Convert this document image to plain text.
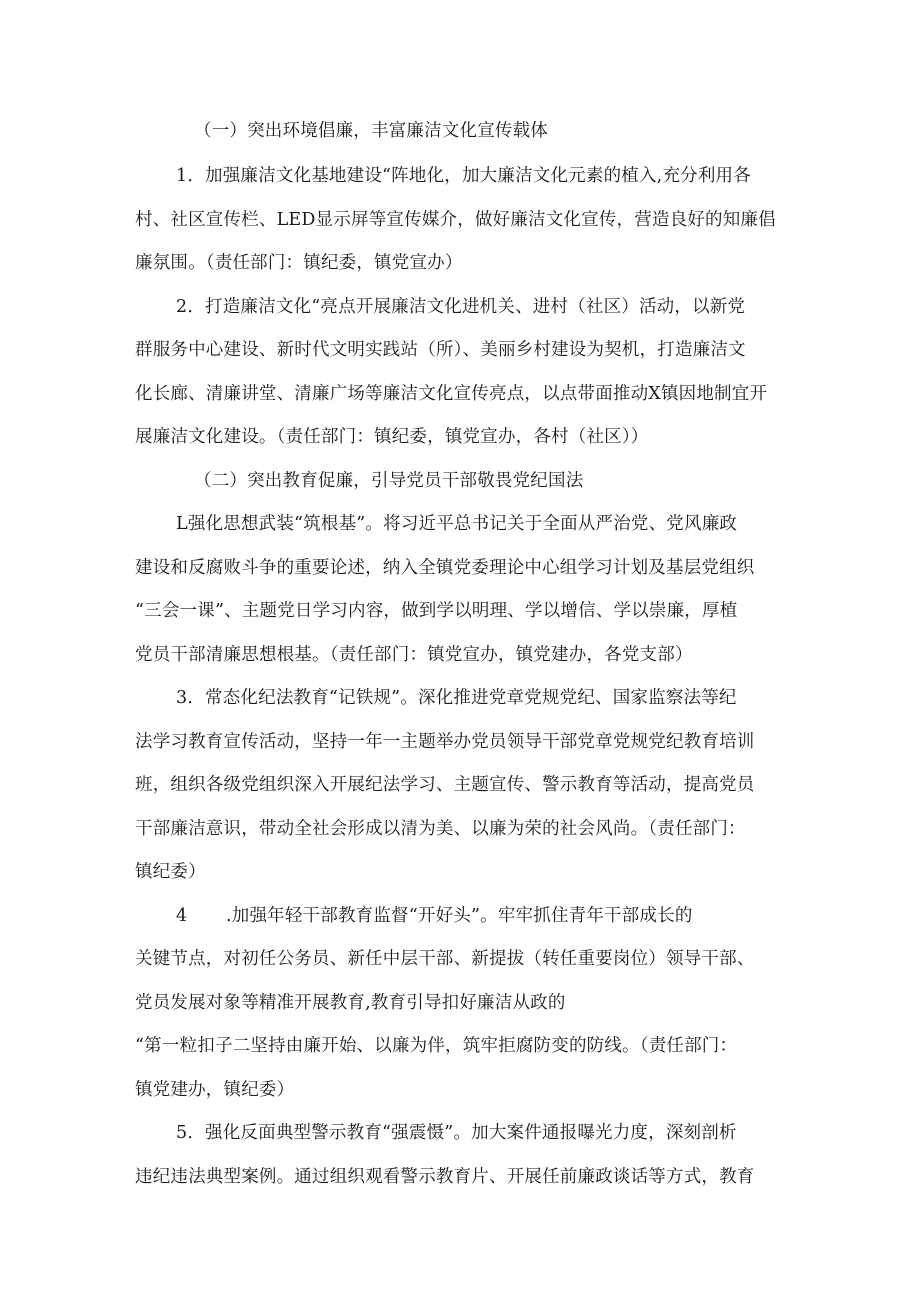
（一）突出环境倡廉，丰富廉洁文化宣传载体
1．加强廉洁文化基地建设“阵地化，加大廉洁文化元素的植入,充分利用各
村、社区宣传栏、LED显示屏等宣传媒介，做好廉洁文化宣传，营造良好的知廉倡
廉氛围。（责任部门：镇纪委，镇党宣办）
2．打造廉洁文化“亮点开展廉洁文化进机关、进村（社区）活动，以新党
群服务中心建设、新时代文明实践站（所）、美丽乡村建设为契机，打造廉洁文
化长廊、清廉讲堂、清廉广场等廉洁文化宣传亮点，以点带面推动X镇因地制宜开
展廉洁文化建设。（责任部门：镇纪委，镇党宣办，各村（社区））
（二）突出教育促廉，引导党员干部敬畏党纪国法
L强化思想武装“筑根基”。将习近平总书记关于全面从严治党、党风廉政
建设和反腐败斗争的重要论述，纳入全镇党委理论中心组学习计划及基层党组织
“三会一课”、主题党日学习内容，做到学以明理、学以增信、学以崇廉，厚植
党员干部清廉思想根基。（责任部门：镇党宣办，镇党建办，各党支部）
3．常态化纪法教育“记铁规”。深化推进党章党规党纪、国家监察法等纪
法学习教育宣传活动，坚持一年一主题举办党员领导干部党章党规党纪教育培训
班，组织各级党组织深入开展纪法学习、主题宣传、警示教育等活动，提高党员
干部廉洁意识，带动全社会形成以清为美、以廉为荣的社会风尚。（责任部门：
镇纪委）
4 .加强年轻干部教育监督“开好头”。牢牢抓住青年干部成长的
关键节点，对初任公务员、新任中层干部、新提拔（转任重要岗位）领导干部、
党员发展对象等精准开展教育,教育引导扣好廉洁从政的
“第一粒扣子二坚持由廉开始、以廉为伴，筑牢拒腐防变的防线。（责任部门：
镇党建办，镇纪委）
5．强化反面典型警示教育“强震慑”。加大案件通报曝光力度，深刻剖析
违纪违法典型案例。通过组织观看警示教育片、开展任前廉政谈话等方式，教育
